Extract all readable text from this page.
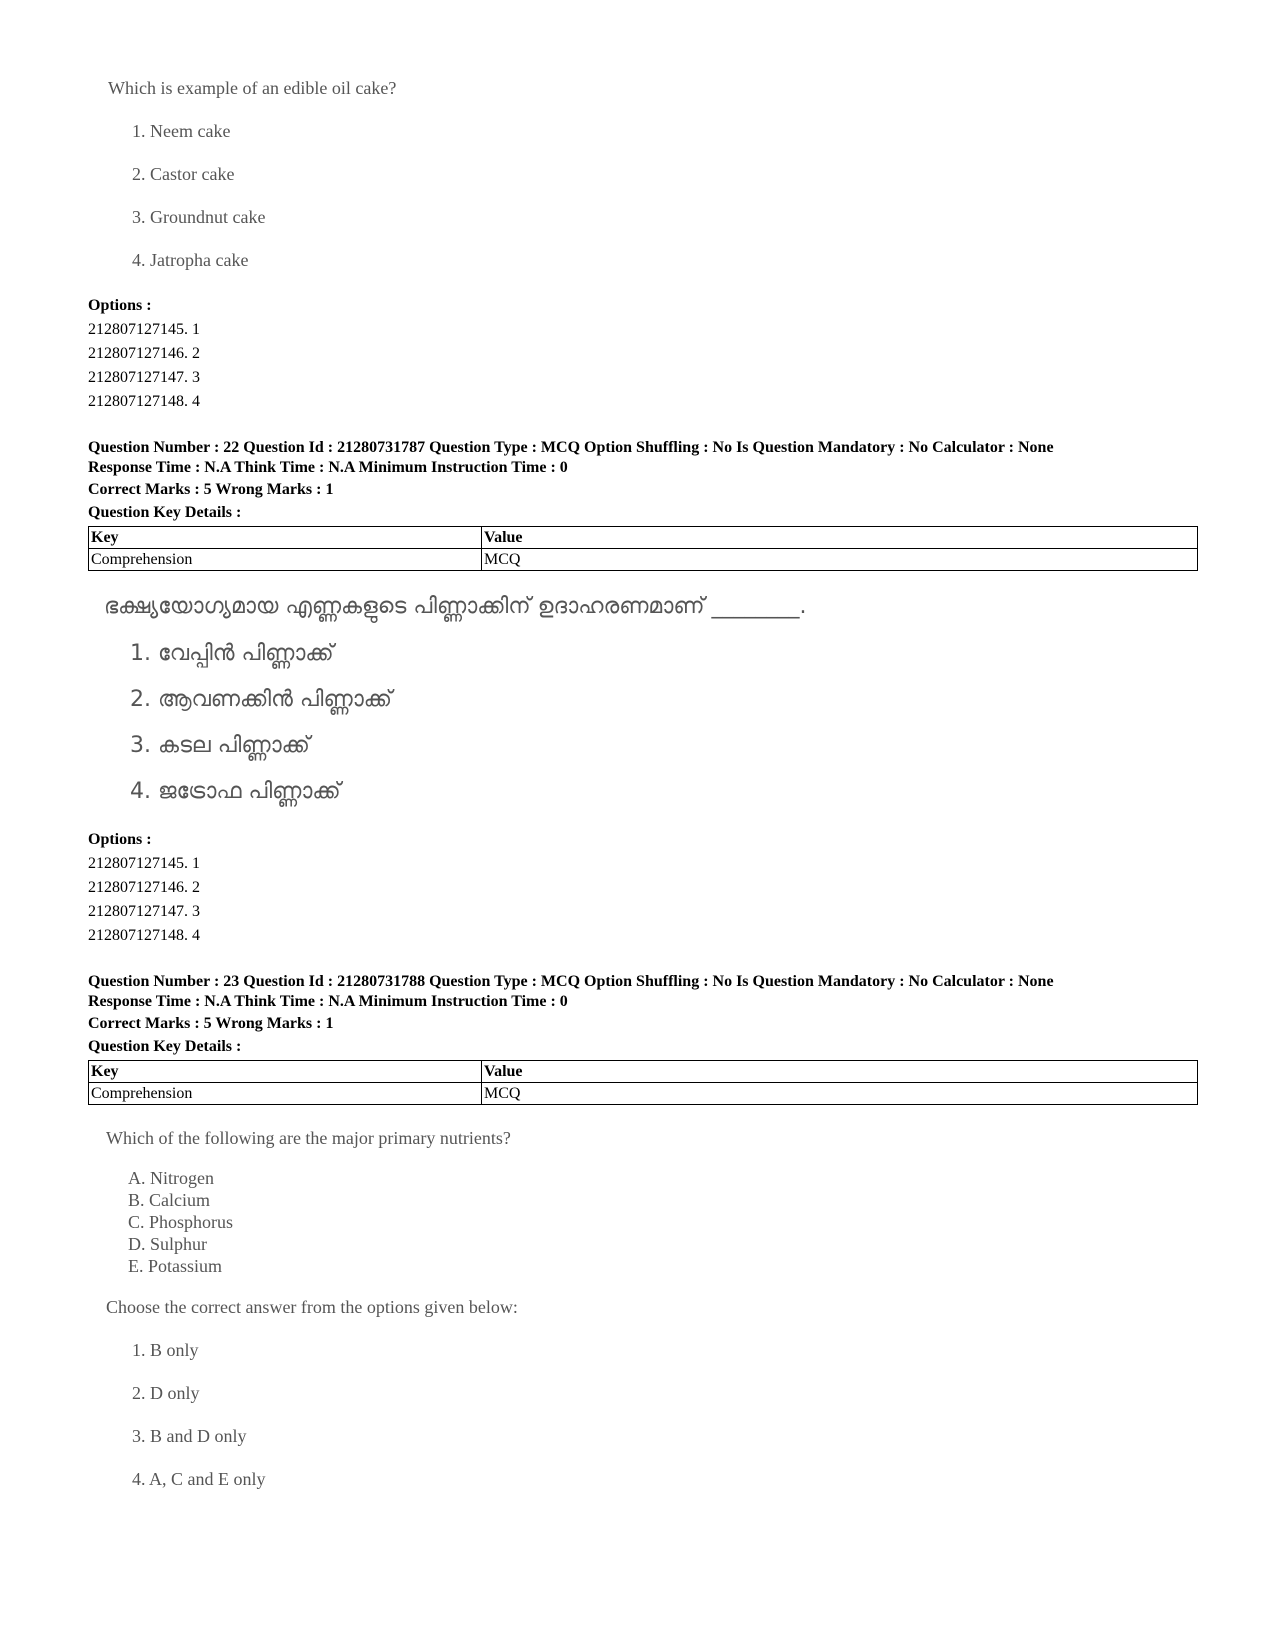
Which is example of an edible oil cake?
1. Neem cake
2. Castor cake
3. Groundnut cake
4. Jatropha cake
Options :
212807127145. 1
212807127146. 2
212807127147. 3
212807127148. 4
Question Number : 22 Question Id : 21280731787 Question Type : MCQ Option Shuffling : No Is Question Mandatory : No Calculator : None
Response Time : N.A Think Time : N.A Minimum Instruction Time : 0
Correct Marks : 5 Wrong Marks : 1
Question Key Details :
Key	Value
Comprehension	MCQ
ഭക്ഷ്യയോഗ്യമായ എണ്ണകളുടെ പിണ്ണാക്കിന് ഉദാഹരണമാണ് ________.
1. വേപ്പിൻ പിണ്ണാക്ക്
2. ആവണക്കിൻ പിണ്ണാക്ക്
3. കടല പിണ്ണാക്ക്
4. ജട്രോഫ പിണ്ണാക്ക്
Options :
212807127145. 1
212807127146. 2
212807127147. 3
212807127148. 4
Question Number : 23 Question Id : 21280731788 Question Type : MCQ Option Shuffling : No Is Question Mandatory : No Calculator : None
Response Time : N.A Think Time : N.A Minimum Instruction Time : 0
Correct Marks : 5 Wrong Marks : 1
Question Key Details :
Key	Value
Comprehension	MCQ
Which of the following are the major primary nutrients?
A. Nitrogen
B. Calcium
C. Phosphorus
D. Sulphur
E. Potassium
Choose the correct answer from the options given below:
1. B only
2. D only
3. B and D only
4. A, C and E only
